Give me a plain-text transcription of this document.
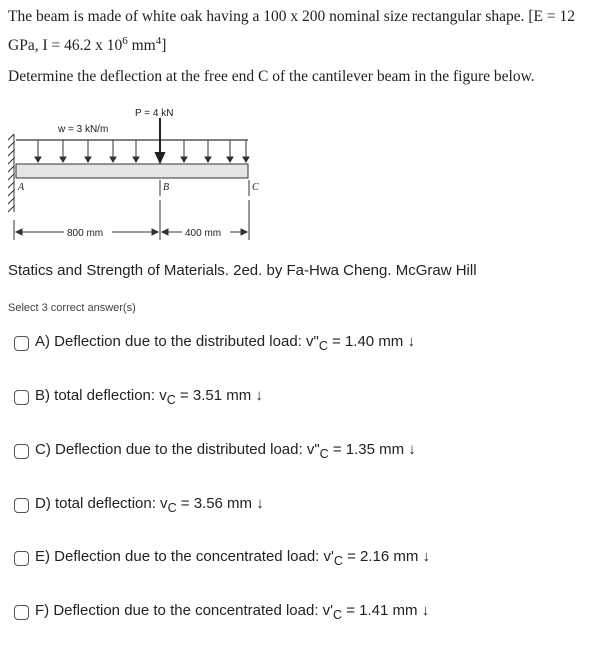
The beam is made of white oak having a 100 x 200 nominal size rectangular shape. [E = 12
GPa, I = 46.2 x $10^6$ $mm^4$]
Determine the deflection at the free end C of the cantilever beam in the figure below.
w = 3 kN/m
P = 4 kN
A	B	C
800 mm	400 mm
Statics and Strength of Materials. 2ed. by Fa-Hwa Cheng. McGraw Hill
Select 3 correct answer(s)
A) Deflection due to the distributed load: $v"_C = 1.40$ mm ↓
B) total deflection: $v_C = 3.51$ mm ↓
C) Deflection due to the distributed load: $v"_C = 1.35$ mm ↓
D) total deflection: $v_C = 3.56$ mm ↓
E) Deflection due to the concentrated load: $v'_C = 2.16$ mm ↓
F) Deflection due to the concentrated load: $v'_C = 1.41$ mm ↓
